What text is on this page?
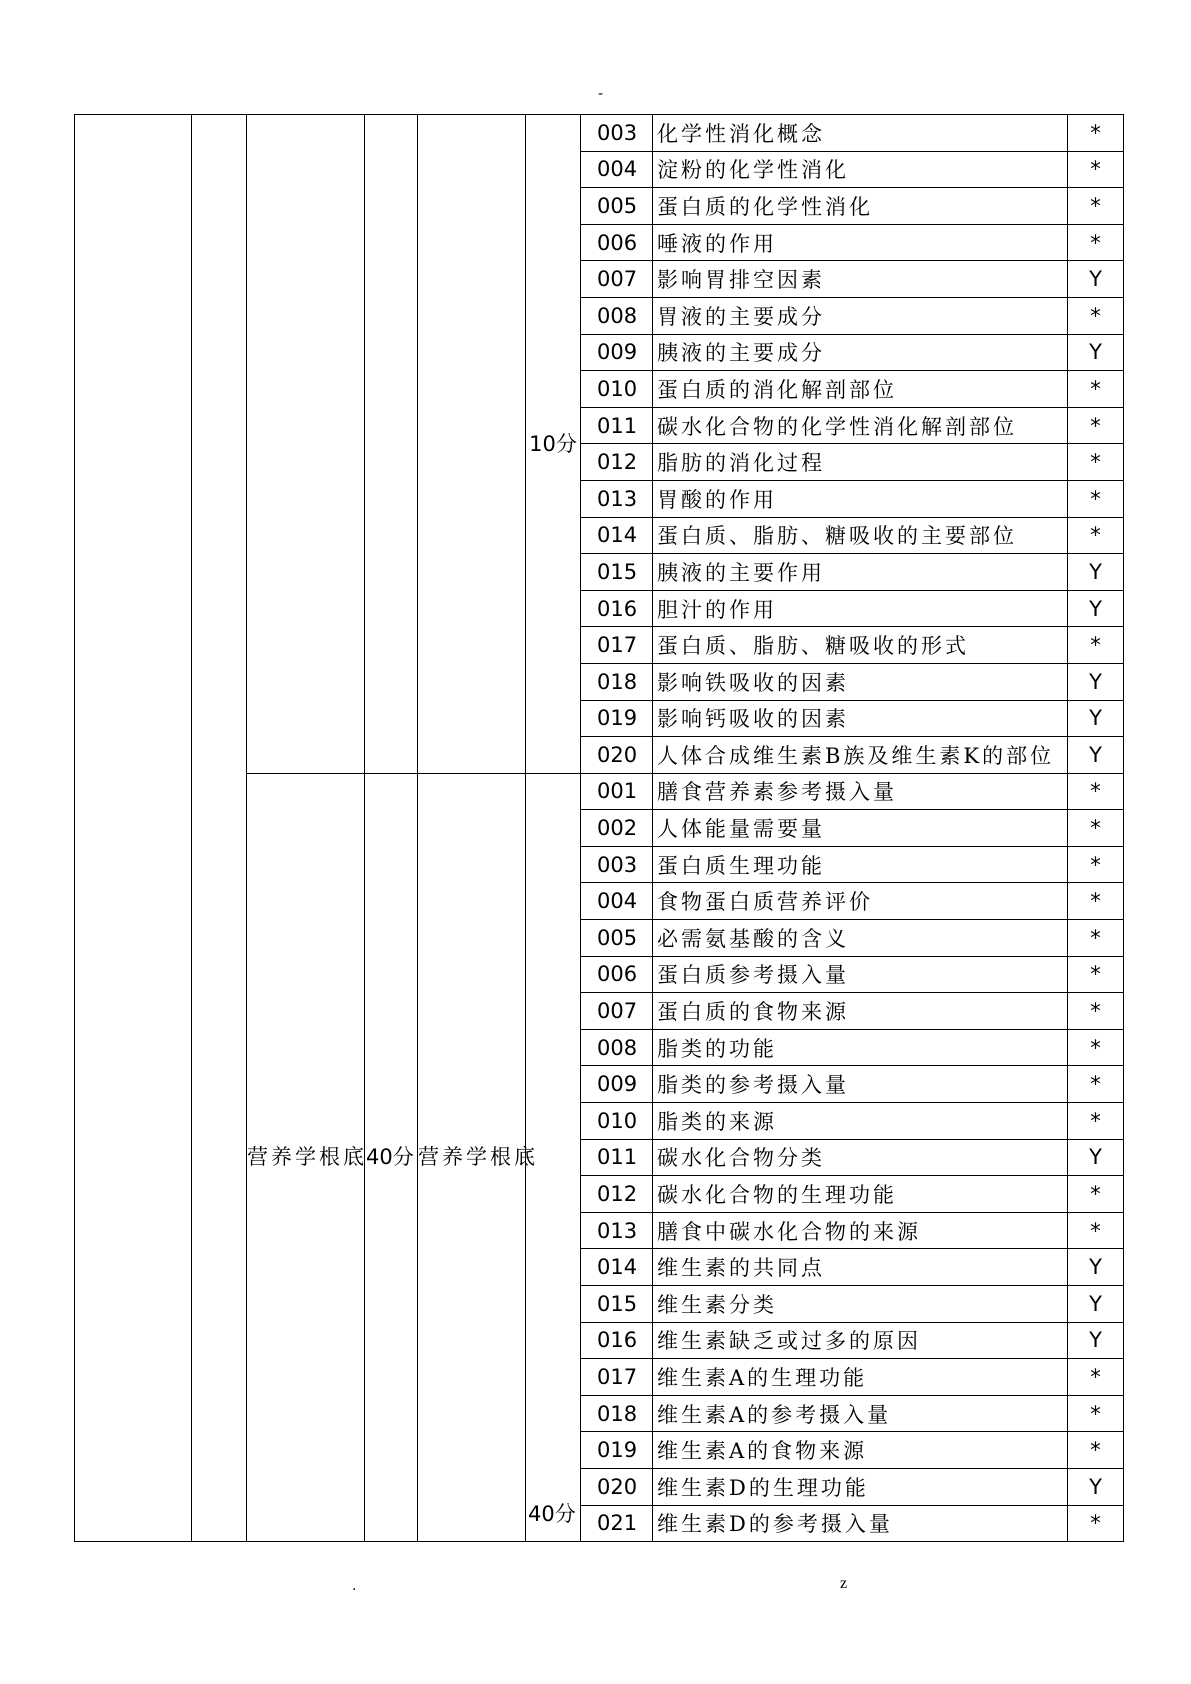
-
					10分	003	化学性消化概念	*
						004	淀粉的化学性消化	*
						005	蛋白质的化学性消化	*
						006	唾液的作用	*
						007	影响胃排空因素	Y
						008	胃液的主要成分	*
						009	胰液的主要成分	Y
						010	蛋白质的消化解剖部位	*
						011	碳水化合物的化学性消化解剖部位	*
						012	脂肪的消化过程	*
						013	胃酸的作用	*
						014	蛋白质、脂肪、糖吸收的主要部位	*
						015	胰液的主要作用	Y
						016	胆汁的作用	Y
						017	蛋白质、脂肪、糖吸收的形式	*
						018	影响铁吸收的因素	Y
						019	影响钙吸收的因素	Y
						020	人体合成维生素B族及维生素K的部位	Y
		营养学根底	40分	营养学根底	40分	001	膳食营养素参考摄入量	*
						002	人体能量需要量	*
						003	蛋白质生理功能	*
						004	食物蛋白质营养评价	*
						005	必需氨基酸的含义	*
						006	蛋白质参考摄入量	*
						007	蛋白质的食物来源	*
						008	脂类的功能	*
						009	脂类的参考摄入量	*
						010	脂类的来源	*
						011	碳水化合物分类	Y
						012	碳水化合物的生理功能	*
						013	膳食中碳水化合物的来源	*
						014	维生素的共同点	Y
						015	维生素分类	Y
						016	维生素缺乏或过多的原因	Y
						017	维生素A的生理功能	*
						018	维生素A的参考摄入量	*
						019	维生素A的食物来源	*
						020	维生素D的生理功能	Y
						021	维生素D的参考摄入量	*
.	z
